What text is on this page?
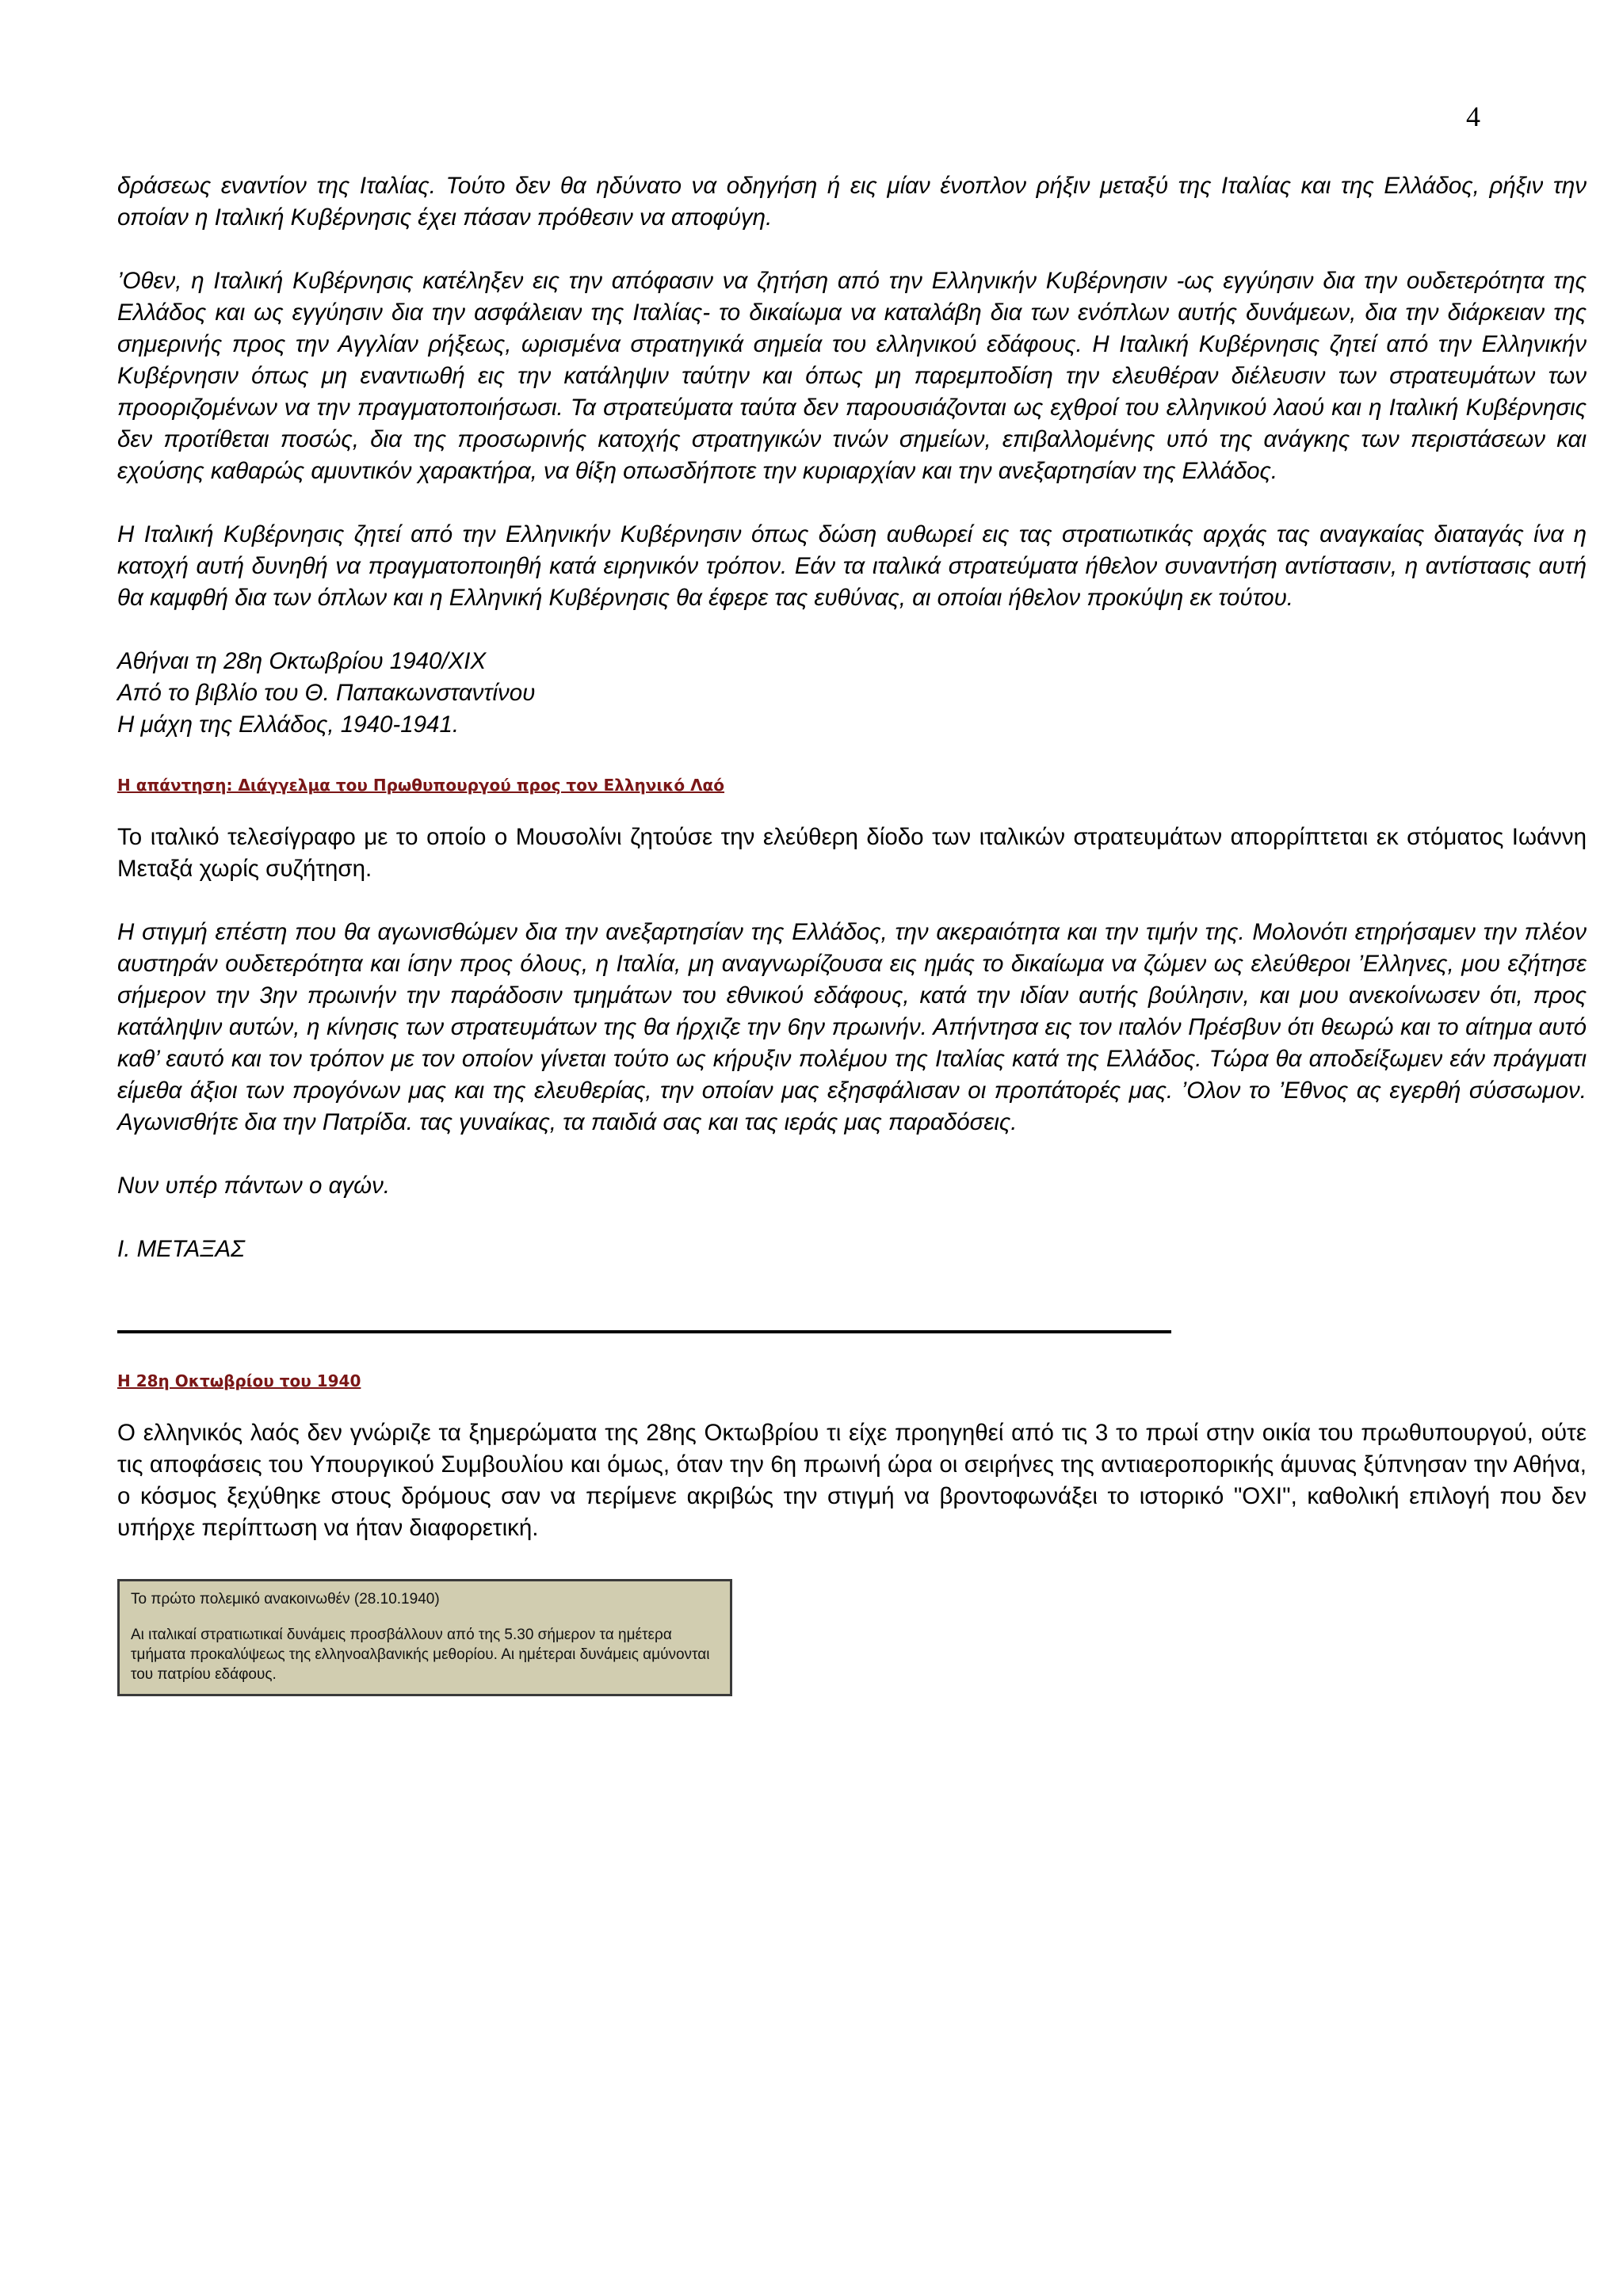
4

δράσεως εναντίον της Ιταλίας. Τούτο δεν θα ηδύνατο να οδηγήση ή εις μίαν ένοπλον ρήξιν μεταξύ της Ιταλίας και της Ελλάδος, ρήξιν την οποίαν η Ιταλική Κυβέρνησις έχει πάσαν πρόθεσιν να αποφύγη.

’Οθεν, η Ιταλική Κυβέρνησις κατέληξεν εις την απόφασιν να ζητήση από την Ελληνικήν Κυβέρνησιν -ως εγγύησιν δια την ουδετερότητα της Ελλάδος και ως εγγύησιν δια την ασφάλειαν της Ιταλίας- το δικαίωμα να καταλάβη δια των ενόπλων αυτής δυνάμεων, δια την διάρκειαν της σημερινής προς την Αγγλίαν ρήξεως, ωρισμένα στρατηγικά σημεία του ελληνικού εδάφους. Η Ιταλική Κυβέρνησις ζητεί από την Ελληνικήν Κυβέρνησιν όπως μη εναντιωθή εις την κατάληψιν ταύτην και όπως μη παρεμποδίση την ελευθέραν διέλευσιν των στρατευμάτων των προοριζομένων να την πραγματοποιήσωσι. Τα στρατεύματα ταύτα δεν παρουσιάζονται ως εχθροί του ελληνικού λαού και η Ιταλική Κυβέρνησις δεν προτίθεται ποσώς, δια της προσωρινής κατοχής στρατηγικών τινών σημείων, επιβαλλομένης υπό της ανάγκης των περιστάσεων και εχούσης καθαρώς αμυντικόν χαρακτήρα, να θίξη οπωσδήποτε την κυριαρχίαν και την ανεξαρτησίαν της Ελλάδος.

Η Ιταλική Κυβέρνησις ζητεί από την Ελληνικήν Κυβέρνησιν όπως δώση αυθωρεί εις τας στρατιωτικάς αρχάς τας αναγκαίας διαταγάς ίνα η κατοχή αυτή δυνηθή να πραγματοποιηθή κατά ειρηνικόν τρόπον. Εάν τα ιταλικά στρατεύματα ήθελον συναντήση αντίστασιν, η αντίστασις αυτή θα καμφθή δια των όπλων και η Ελληνική Κυβέρνησις θα έφερε τας ευθύνας, αι οποίαι ήθελον προκύψη εκ τούτου.

Αθήναι τη 28η Οκτωβρίου 1940/XIX

Από το βιβλίο του Θ. Παπακωνσταντίνου

Η μάχη της Ελλάδος, 1940-1941.

Η απάντηση: Διάγγελμα του Πρωθυπουργού προς τον Ελληνικό Λαό

Το ιταλικό τελεσίγραφο με το οποίο ο Μουσολίνι ζητούσε την ελεύθερη δίοδο των ιταλικών στρατευμάτων απορρίπτεται εκ στόματος Ιωάννη Μεταξά χωρίς συζήτηση.

Η στιγμή επέστη που θα αγωνισθώμεν δια την ανεξαρτησίαν της Ελλάδος, την ακεραιότητα και την τιμήν της. Μολονότι ετηρήσαμεν την πλέον αυστηράν ουδετερότητα και ίσην προς όλους, η Ιταλία, μη αναγνωρίζουσα εις ημάς το δικαίωμα να ζώμεν ως ελεύθεροι ’Ελληνες, μου εζήτησε σήμερον την 3ην πρωινήν την παράδοσιν τμημάτων του εθνικού εδάφους, κατά την ιδίαν αυτής βούλησιν, και μου ανεκοίνωσεν ότι, προς κατάληψιν αυτών, η κίνησις των στρατευμάτων της θα ήρχιζε την 6ην πρωινήν. Απήντησα εις τον ιταλόν Πρέσβυν ότι θεωρώ και το αίτημα αυτό καθ’ εαυτό και τον τρόπον με τον οποίον γίνεται τούτο ως κήρυξιν πολέμου της Ιταλίας κατά της Ελλάδος. Τώρα θα αποδείξωμεν εάν πράγματι είμεθα άξιοι των προγόνων μας και της ελευθερίας, την οποίαν μας εξησφάλισαν οι προπάτορές μας. ’Ολον το ’Εθνος ας εγερθή σύσσωμον. Αγωνισθήτε δια την Πατρίδα. τας γυναίκας, τα παιδιά σας και τας ιεράς μας παραδόσεις.

Νυν υπέρ πάντων ο αγών.

Ι. ΜΕΤΑΞΑΣ

Η 28η Οκτωβρίου του 1940

Ο ελληνικός λαός δεν γνώριζε τα ξημερώματα της 28ης Οκτωβρίου τι είχε προηγηθεί από τις 3 το πρωί στην οικία του πρωθυπουργού, ούτε τις αποφάσεις του Υπουργικού Συμβουλίου και όμως, όταν την 6η πρωινή ώρα οι σειρήνες της αντιαεροπορικής άμυνας ξύπνησαν την Αθήνα, ο κόσμος ξεχύθηκε στους δρόμους σαν να περίμενε ακριβώς την στιγμή να βροντοφωνάξει το ιστορικό "ΟΧΙ", καθολική επιλογή που δεν υπήρχε περίπτωση να ήταν διαφορετική.

Το πρώτο πολεμικό ανακοινωθέν (28.10.1940)

Αι ιταλικαί στρατιωτικαί δυνάμεις προσβάλλουν από της 5.30 σήμερον τα ημέτερα τμήματα προκαλύψεως της ελληνοαλβανικής μεθορίου. Αι ημέτεραι δυνάμεις αμύνονται του πατρίου εδάφους.
